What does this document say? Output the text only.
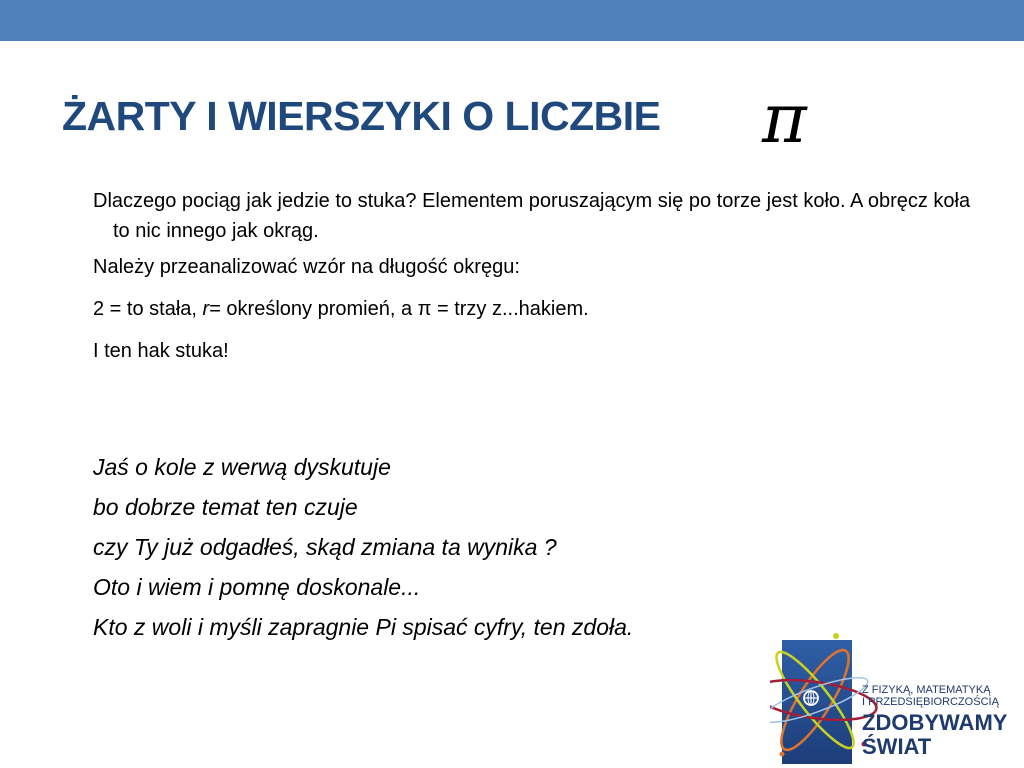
ŻARTY I WIERSZYKI O LICZBIE π

Dlaczego pociąg jak jedzie to stuka? Elementem poruszającym się po torze jest koło. A obręcz koła to nic innego jak okrąg.

Należy przeanalizować wzór na długość okręgu:

2 = to stała, r= określony promień, a π = trzy z...hakiem.

I ten hak stuka!

Jaś o kole z werwą dyskutuje

bo dobrze temat ten czuje

czy Ty już odgadłeś, skąd zmiana ta wynika ?

Oto i wiem i pomnę doskonale...

Kto z woli i myśli zapragnie Pi spisać cyfry, ten zdoła.

Z FIZYKĄ, MATEMATYKĄ
I PRZEDSIĘBIORCZOŚCIĄ
ZDOBYWAMY
ŚWIAT
